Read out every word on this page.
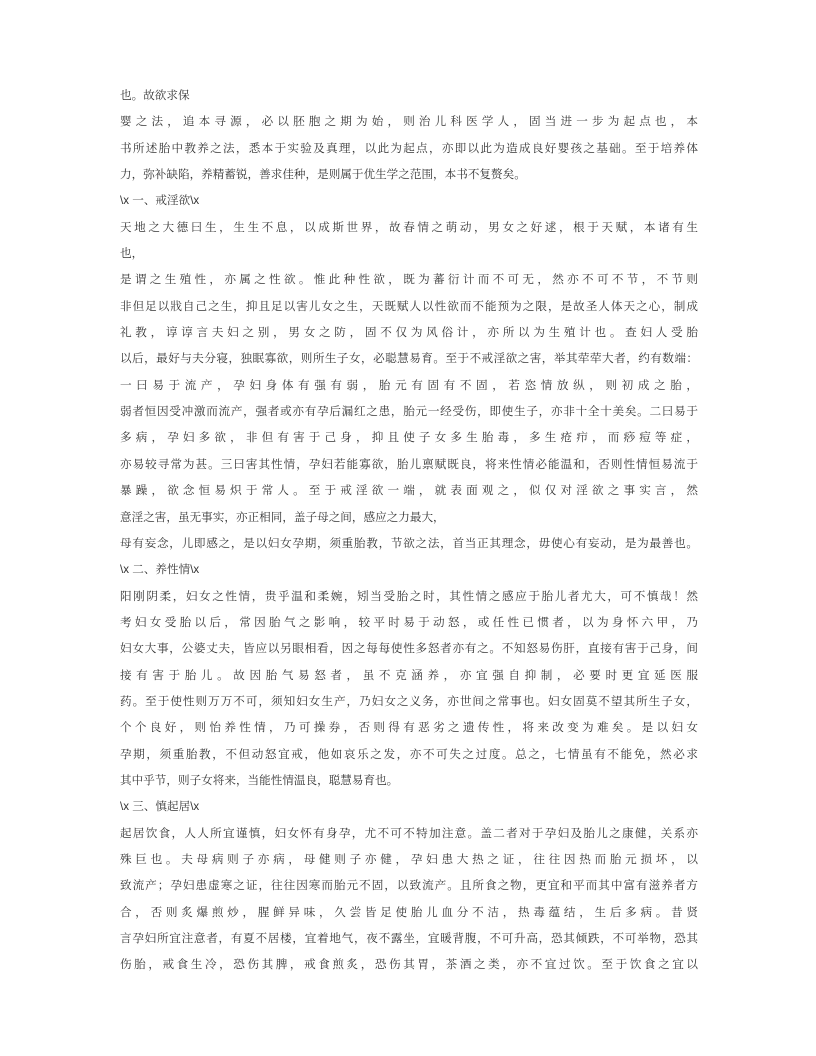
也。故欲求保
婴之法，追本寻源，必以胚胞之期为始，则治儿科医学人，固当进一步为起点也，本
书所述胎中教养之法，悉本于实验及真理，以此为起点，亦即以此为造成良好婴孩之基础。至于培养体
力，弥补缺陷，养精蓄锐，善求佳种，是则属于优生学之范围，本书不复赘矣。
\x 一、戒淫欲\x
天地之大德曰生，生生不息，以成斯世界，故春情之萌动，男女之好逑，根于天赋，本诸有生
也，
是谓之生殖性，亦属之性欲。惟此种性欲，既为蕃衍计而不可无，然亦不可不节，不节则
非但足以戕自己之生，抑且足以害儿女之生，天既赋人以性欲而不能预为之限，是故圣人体天之心，制成
礼教，谆谆言夫妇之别，男女之防，固不仅为风俗计，亦所以为生殖计也。查妇人受胎
以后，最好与夫分寝，独眠寡欲，则所生子女，必聪慧易育。至于不戒淫欲之害，举其荦荦大者，约有数端：
一曰易于流产，孕妇身体有强有弱，胎元有固有不固，若恣情放纵，则初成之胎，
弱者恒因受冲激而流产，强者或亦有孕后漏红之患，胎元一经受伤，即使生子，亦非十全十美矣。二曰易于
多病，孕妇多欲，非但有害于己身，抑且使子女多生胎毒，多生疮疖，而痧痘等症，
亦易较寻常为甚。三曰害其性情，孕妇若能寡欲，胎儿禀赋既良，将来性情必能温和，否则性情恒易流于
暴躁，欲念恒易炽于常人。至于戒淫欲一端，就表面观之，似仅对淫欲之事实言，然
意淫之害，虽无事实，亦正相同，盖子母之间，感应之力最大，
母有妄念，儿即感之，是以妇女孕期，须重胎教，节欲之法，首当正其理念，毋使心有妄动，是为最善也。
\x 二、养性情\x
阳刚阴柔，妇女之性情，贵乎温和柔婉，矧当受胎之时，其性情之感应于胎儿者尤大，可不慎哉！然
考妇女受胎以后，常因胎气之影响，较平时易于动怒，或任性已惯者，以为身怀六甲，乃
妇女大事，公婆丈夫，皆应以另眼相看，因之每每使性多怒者亦有之。不知怒易伤肝，直接有害于己身，间
接有害于胎儿。故因胎气易怒者，虽不克涵养，亦宜强自抑制，必要时更宜延医服
药。至于使性则万万不可，须知妇女生产，乃妇女之义务，亦世间之常事也。妇女固莫不望其所生子女，
个个良好，则怡养性情，乃可操券，否则得有恶劣之遗传性，将来改变为难矣。是以妇女
孕期，须重胎教，不但动怒宜戒，他如哀乐之发，亦不可失之过度。总之，七情虽有不能免，然必求
其中乎节，则子女将来，当能性情温良，聪慧易育也。
\x 三、慎起居\x
起居饮食，人人所宜谨慎，妇女怀有身孕，尤不可不特加注意。盖二者对于孕妇及胎儿之康健，关系亦
殊巨也。夫母病则子亦病，母健则子亦健，孕妇患大热之证，往往因热而胎元损坏，以
致流产；孕妇患虚寒之证，往往因寒而胎元不固，以致流产。且所食之物，更宜和平而其中富有滋养者方
合，否则炙爆煎炒，腥鲜异味，久尝皆足使胎儿血分不洁，热毒蕴结，生后多病。昔贤
言孕妇所宜注意者，有夏不居楼，宜着地气，夜不露坐，宜暖背腹，不可升高，恐其倾跌，不可举物，恐其
伤胎，戒食生冷，恐伤其脾，戒食煎炙，恐伤其胃，茶酒之类，亦不宜过饮。至于饮食之宜以
